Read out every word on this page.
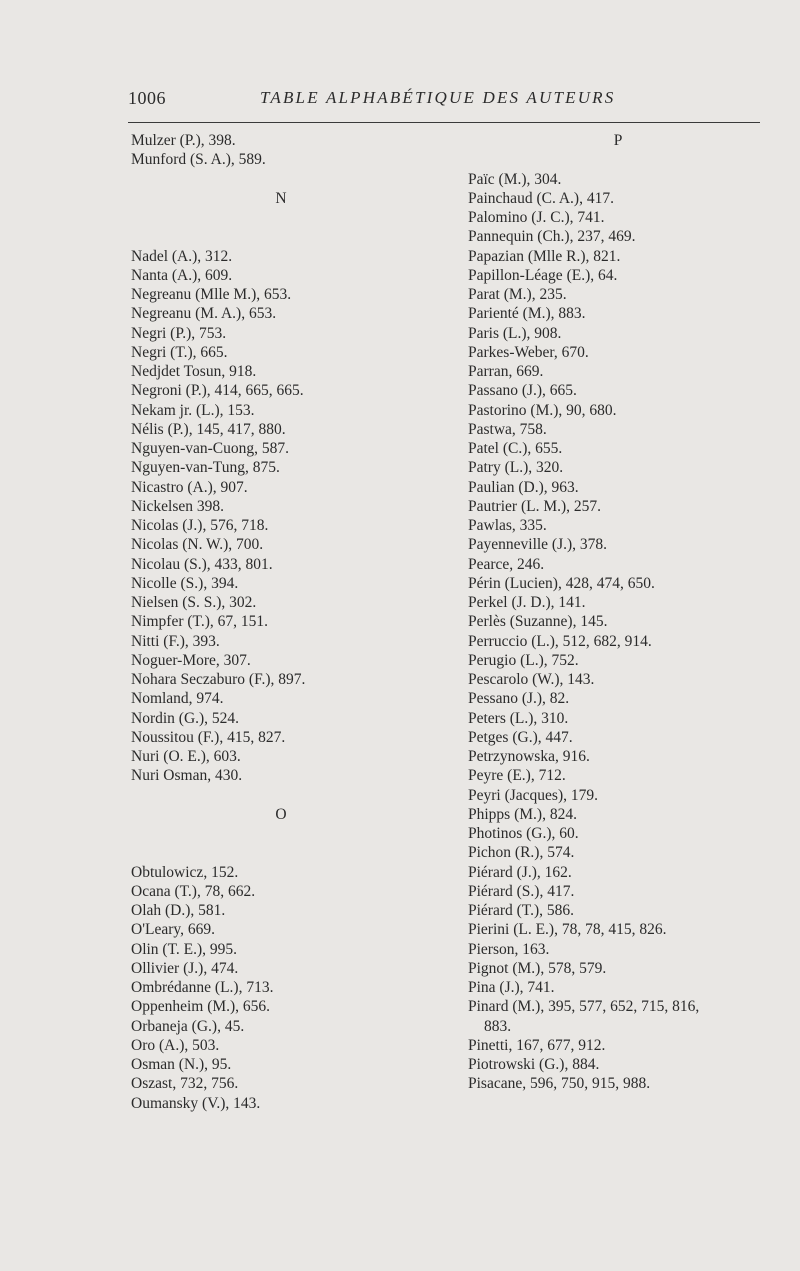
1006	TABLE ALPHABÉTIQUE DES AUTEURS
Mulzer (P.), 398.
Munford (S. A.), 589.
N
Nadel (A.), 312.
Nanta (A.), 609.
Negreanu (Mlle M.), 653.
Negreanu (M. A.), 653.
Negri (P.), 753.
Negri (T.), 665.
Nedjdet Tosun, 918.
Negroni (P.), 414, 665, 665.
Nekam jr. (L.), 153.
Nélis (P.), 145, 417, 880.
Nguyen-van-Cuong, 587.
Nguyen-van-Tung, 875.
Nicastro (A.), 907.
Nickelsen 398.
Nicolas (J.), 576, 718.
Nicolas (N. W.), 700.
Nicolau (S.), 433, 801.
Nicolle (S.), 394.
Nielsen (S. S.), 302.
Nimpfer (T.), 67, 151.
Nitti (F.), 393.
Noguer-More, 307.
Nohara Seczaburo (F.), 897.
Nomland, 974.
Nordin (G.), 524.
Noussitou (F.), 415, 827.
Nuri (O. E.), 603.
Nuri Osman, 430.
O
Obtulowicz, 152.
Ocana (T.), 78, 662.
Olah (D.), 581.
O'Leary, 669.
Olin (T. E.), 995.
Ollivier (J.), 474.
Ombrédanne (L.), 713.
Oppenheim (M.), 656.
Orbaneja (G.), 45.
Oro (A.), 503.
Osman (N.), 95.
Oszast, 732, 756.
Oumansky (V.), 143.
P
Païc (M.), 304.
Painchaud (C. A.), 417.
Palomino (J. C.), 741.
Pannequin (Ch.), 237, 469.
Papazian (Mlle R.), 821.
Papillon-Léage (E.), 64.
Parat (M.), 235.
Parienté (M.), 883.
Paris (L.), 908.
Parkes-Weber, 670.
Parran, 669.
Passano (J.), 665.
Pastorino (M.), 90, 680.
Pastwa, 758.
Patel (C.), 655.
Patry (L.), 320.
Paulian (D.), 963.
Pautrier (L. M.), 257.
Pawlas, 335.
Payenneville (J.), 378.
Pearce, 246.
Périn (Lucien), 428, 474, 650.
Perkel (J. D.), 141.
Perlès (Suzanne), 145.
Perruccio (L.), 512, 682, 914.
Perugio (L.), 752.
Pescarolo (W.), 143.
Pessano (J.), 82.
Peters (L.), 310.
Petges (G.), 447.
Petrzynowska, 916.
Peyre (E.), 712.
Peyri (Jacques), 179.
Phipps (M.), 824.
Photinos (G.), 60.
Pichon (R.), 574.
Piérard (J.), 162.
Piérard (S.), 417.
Piérard (T.), 586.
Pierini (L. E.), 78, 78, 415, 826.
Pierson, 163.
Pignot (M.), 578, 579.
Pina (J.), 741.
Pinard (M.), 395, 577, 652, 715, 816,
883.
Pinetti, 167, 677, 912.
Piotrowski (G.), 884.
Pisacane, 596, 750, 915, 988.
